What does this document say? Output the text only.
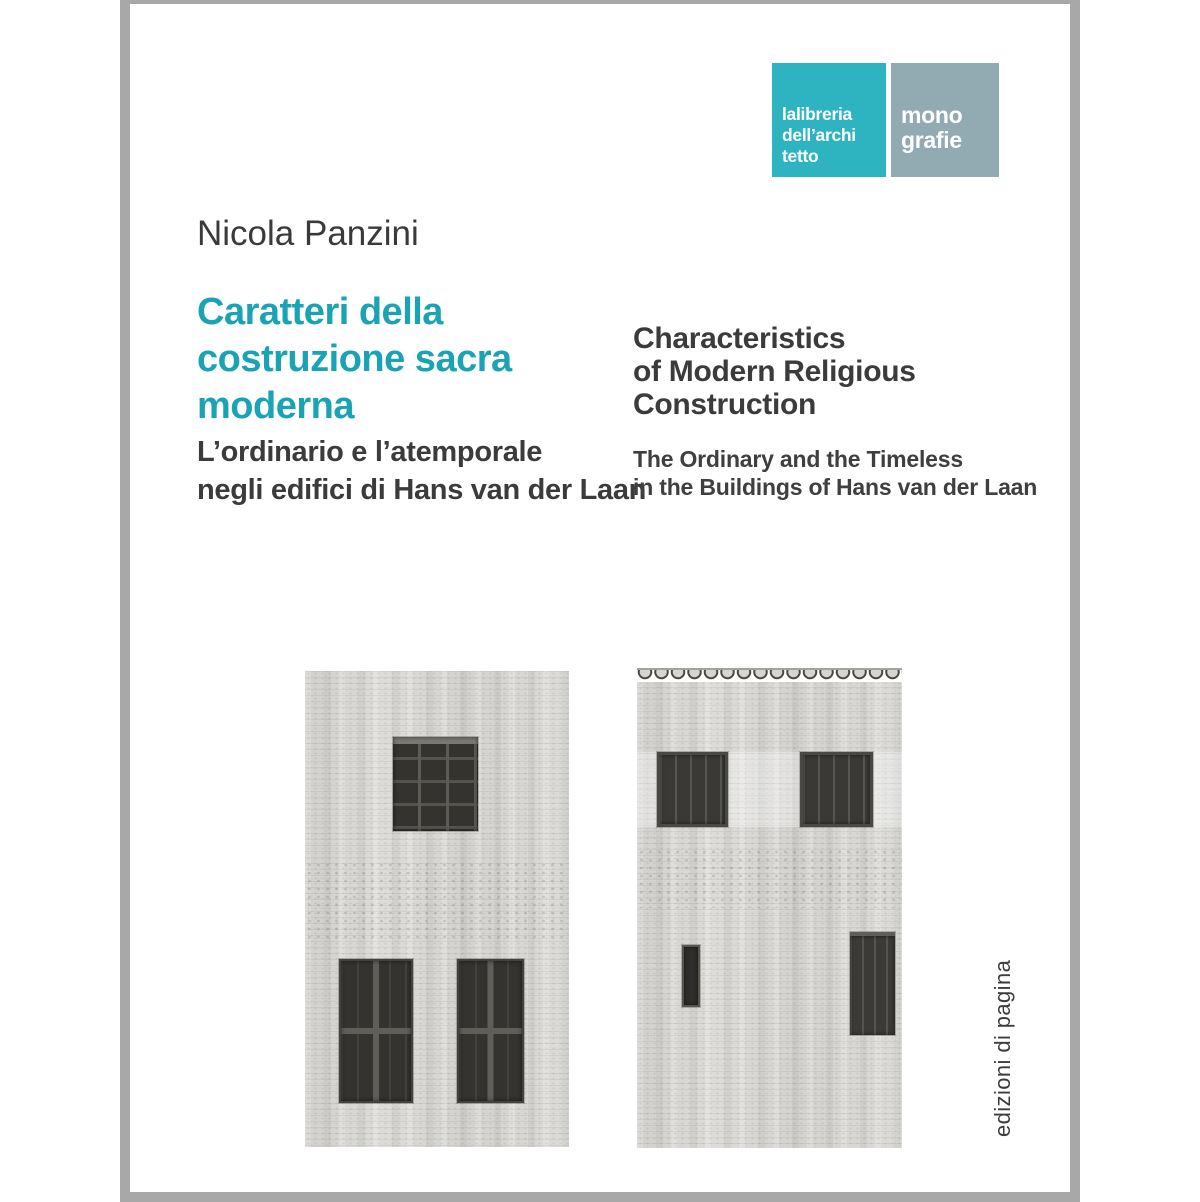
lalibreria
dell’archi
tetto
mono
grafie
Nicola Panzini
Caratteri della
costruzione sacra
moderna
L’ordinario e l’atemporale
negli edifici di Hans van der Laan
Characteristics
of Modern Religious
Construction
The Ordinary and the Timeless
in the Buildings of Hans van der Laan
edizioni di pagina
